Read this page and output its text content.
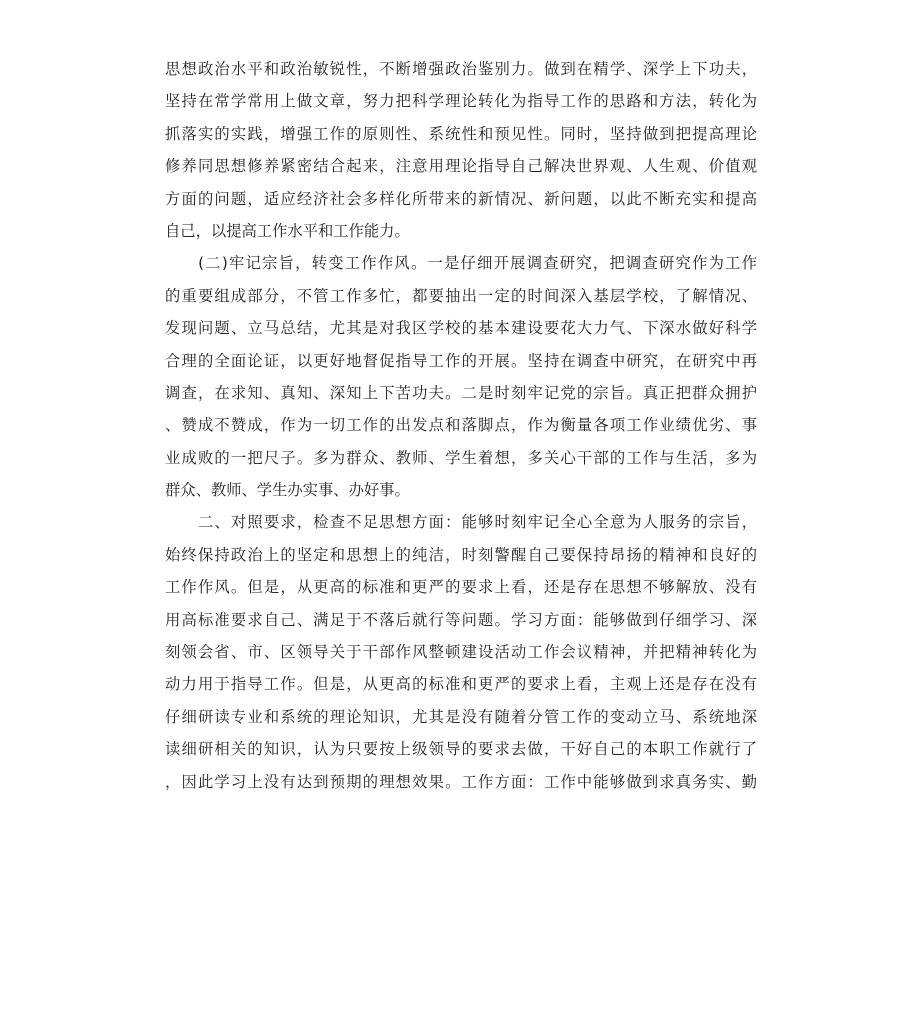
思想政治水平和政治敏锐性，不断增强政治鉴别力。做到在精学、深学上下功夫，
坚持在常学常用上做文章，努力把科学理论转化为指导工作的思路和方法，转化为
抓落实的实践，增强工作的原则性、系统性和预见性。同时，坚持做到把提高理论
修养同思想修养紧密结合起来，注意用理论指导自己解决世界观、人生观、价值观
方面的问题，适应经济社会多样化所带来的新情况、新问题，以此不断充实和提高
自己，以提高工作水平和工作能力。
　　(二)牢记宗旨，转变工作作风。一是仔细开展调查研究，把调查研究作为工作
的重要组成部分，不管工作多忙，都要抽出一定的时间深入基层学校，了解情况、
发现问题、立马总结，尤其是对我区学校的基本建设要花大力气、下深水做好科学
合理的全面论证，以更好地督促指导工作的开展。坚持在调查中研究，在研究中再
调查，在求知、真知、深知上下苦功夫。二是时刻牢记党的宗旨。真正把群众拥护
、赞成不赞成，作为一切工作的出发点和落脚点，作为衡量各项工作业绩优劣、事
业成败的一把尺子。多为群众、教师、学生着想，多关心干部的工作与生活，多为
群众、教师、学生办实事、办好事。
　　二、对照要求，检查不足思想方面：能够时刻牢记全心全意为人服务的宗旨，
始终保持政治上的坚定和思想上的纯洁，时刻警醒自己要保持昂扬的精神和良好的
工作作风。但是，从更高的标准和更严的要求上看，还是存在思想不够解放、没有
用高标准要求自己、满足于不落后就行等问题。学习方面：能够做到仔细学习、深
刻领会省、市、区领导关于干部作风整顿建设活动工作会议精神，并把精神转化为
动力用于指导工作。但是，从更高的标准和更严的要求上看，主观上还是存在没有
仔细研读专业和系统的理论知识，尤其是没有随着分管工作的变动立马、系统地深
读细研相关的知识，认为只要按上级领导的要求去做，干好自己的本职工作就行了
，因此学习上没有达到预期的理想效果。工作方面：工作中能够做到求真务实、勤
